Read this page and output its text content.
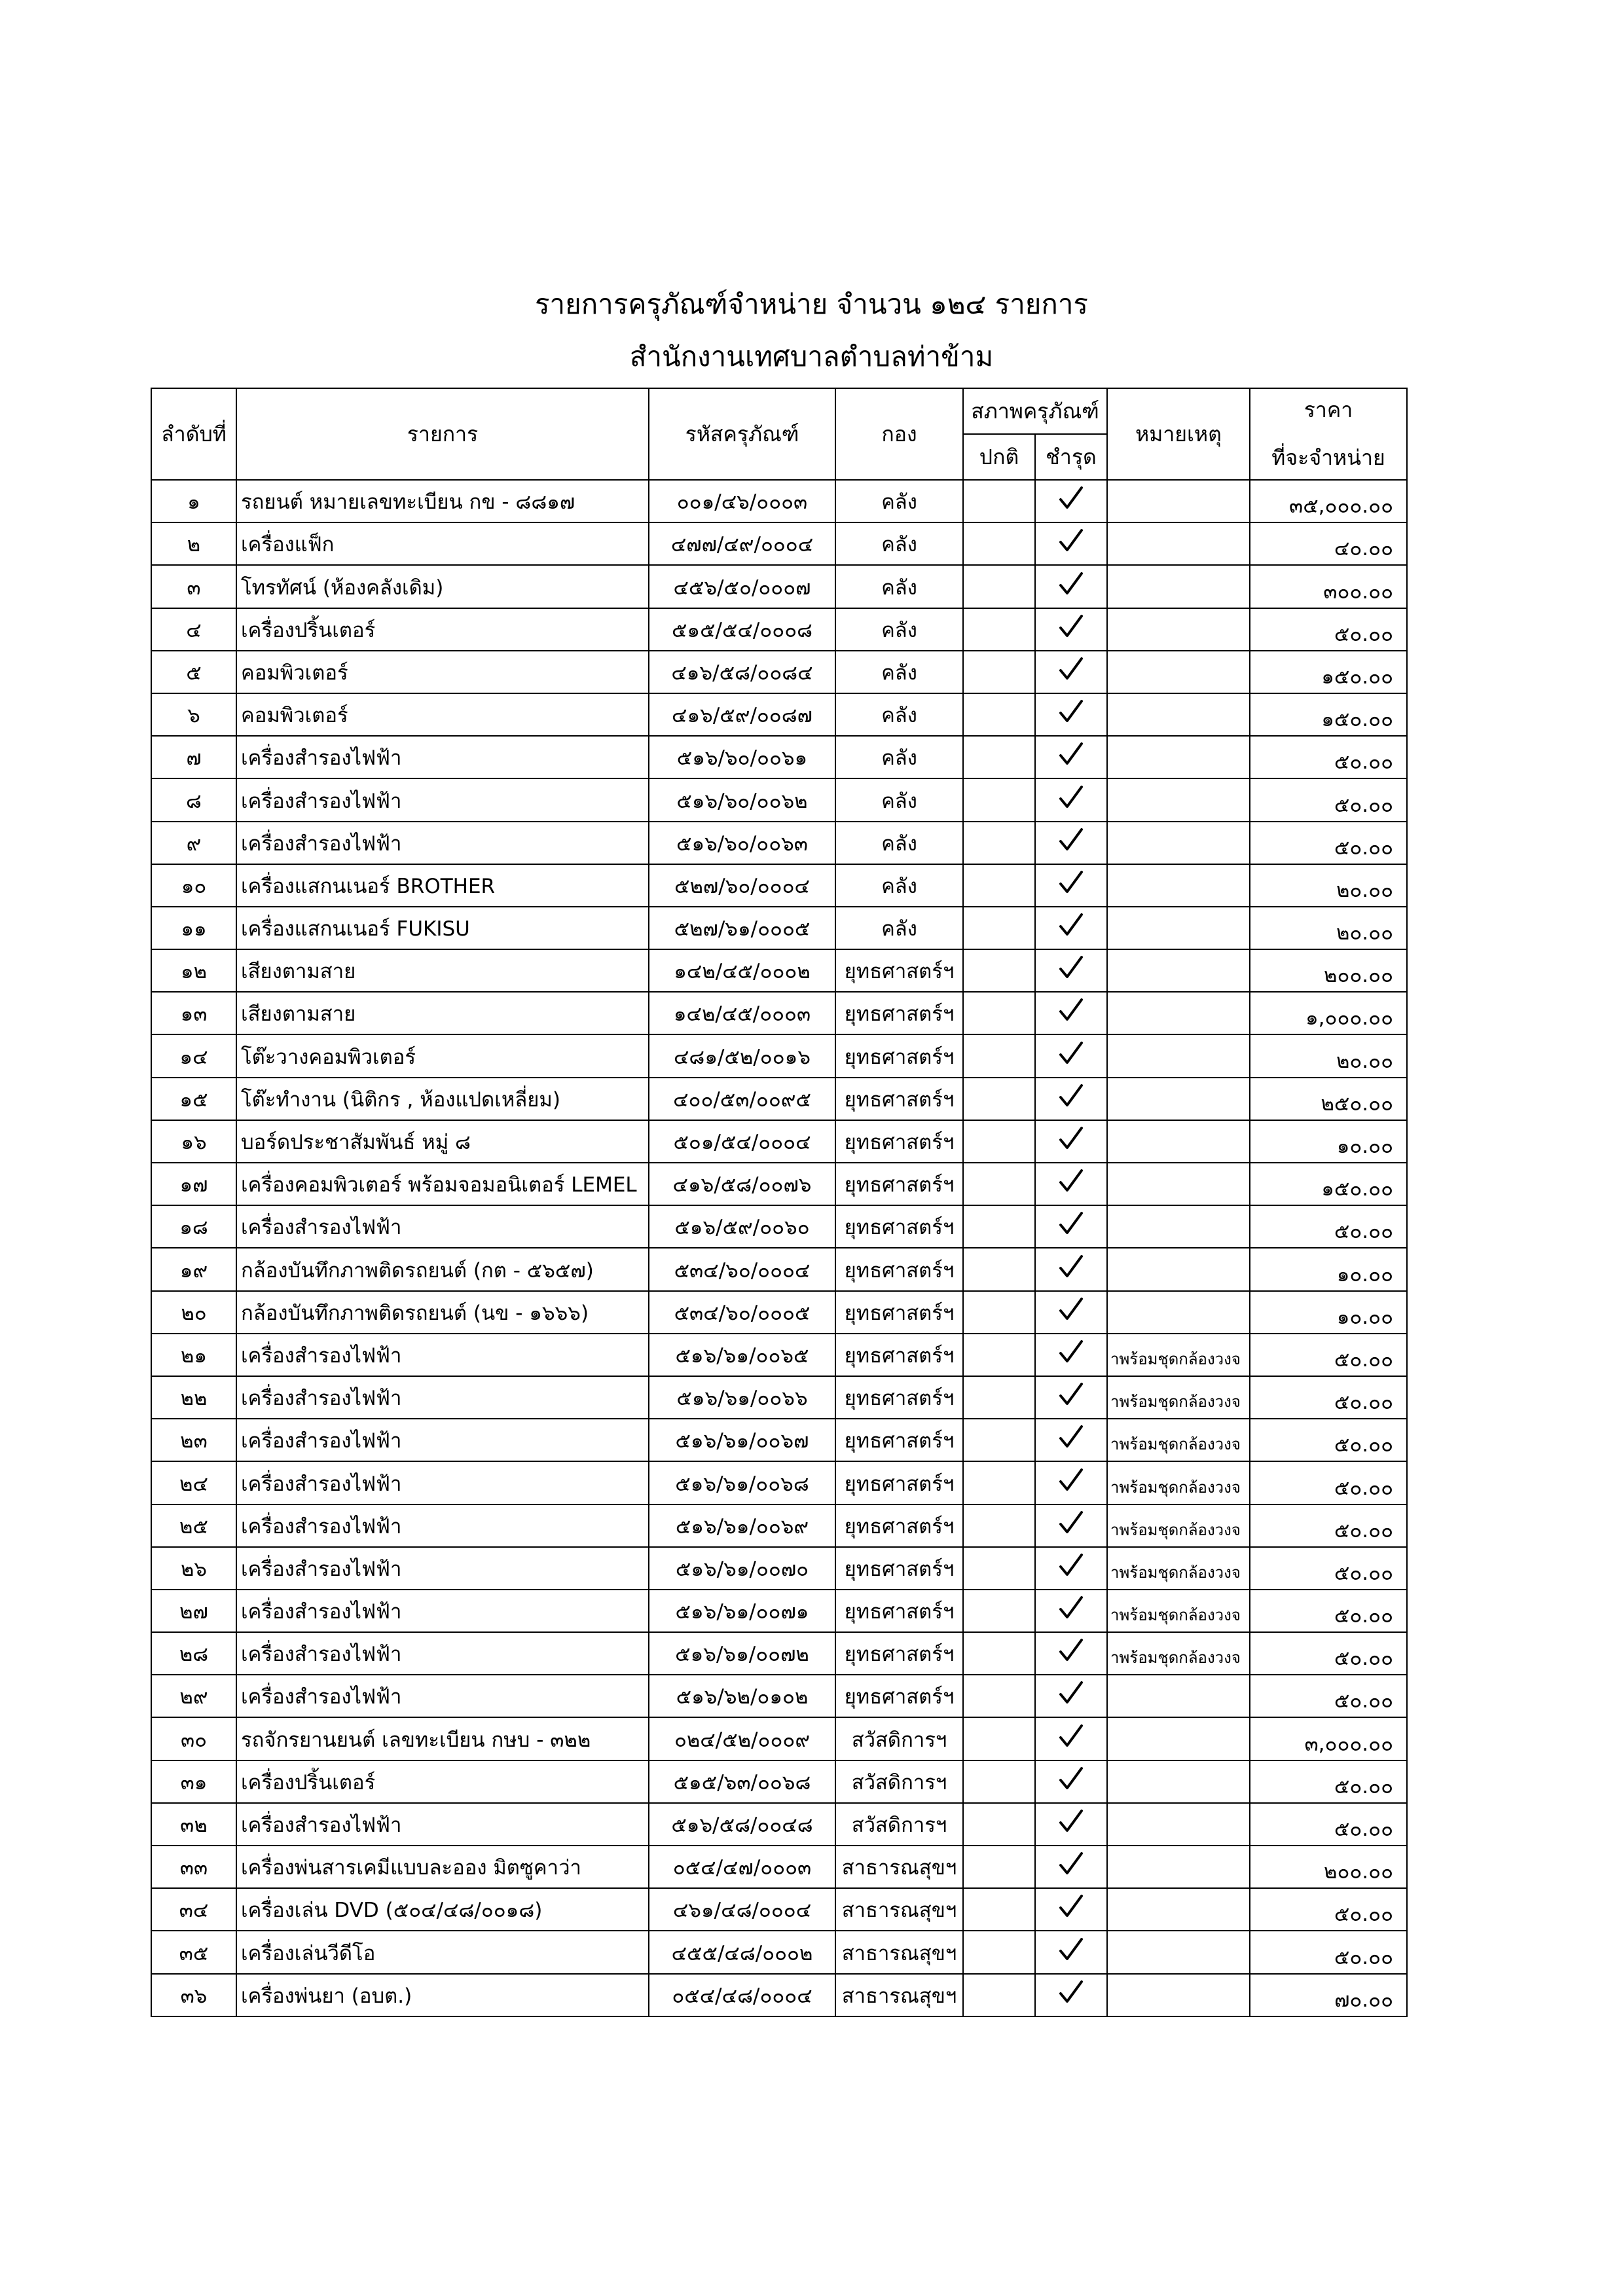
รายการครุภัณฑ์จำหน่าย จำนวน ๑๒๔ รายการ
สำนักงานเทศบาลตำบลท่าข้าม
ลำดับที่	รายการ	รหัสครุภัณฑ์	กอง	สภาพครุภัณฑ์		หมายเหตุ	ราคา
ที่จะจำหน่าย

				ปกติ	ชำรุด		
๑	รถยนต์ หมายเลขทะเบียน กข - ๘๘๑๗	๐๐๑/๔๖/๐๐๐๓	คลัง				๓๕,๐๐๐.๐๐
๒	เครื่องแฟ็ก	๔๗๗/๔๙/๐๐๐๔	คลัง				๔๐.๐๐
๓	โทรทัศน์ (ห้องคลังเดิม)	๔๕๖/๕๐/๐๐๐๗	คลัง				๓๐๐.๐๐
๔	เครื่องปริ้นเตอร์	๕๑๕/๕๔/๐๐๐๘	คลัง				๕๐.๐๐
๕	คอมพิวเตอร์	๔๑๖/๕๘/๐๐๘๔	คลัง				๑๕๐.๐๐
๖	คอมพิวเตอร์	๔๑๖/๕๙/๐๐๘๗	คลัง				๑๕๐.๐๐
๗	เครื่องสำรองไฟฟ้า	๕๑๖/๖๐/๐๐๖๑	คลัง				๕๐.๐๐
๘	เครื่องสำรองไฟฟ้า	๕๑๖/๖๐/๐๐๖๒	คลัง				๕๐.๐๐
๙	เครื่องสำรองไฟฟ้า	๕๑๖/๖๐/๐๐๖๓	คลัง				๕๐.๐๐
๑๐	เครื่องแสกนเนอร์ BROTHER	๕๒๗/๖๐/๐๐๐๔	คลัง				๒๐.๐๐
๑๑	เครื่องแสกนเนอร์ FUKISU	๕๒๗/๖๑/๐๐๐๕	คลัง				๒๐.๐๐
๑๒	เสียงตามสาย	๑๔๒/๔๕/๐๐๐๒	ยุทธศาสตร์ฯ				๒๐๐.๐๐
๑๓	เสียงตามสาย	๑๔๒/๔๕/๐๐๐๓	ยุทธศาสตร์ฯ				๑,๐๐๐.๐๐
๑๔	โต๊ะวางคอมพิวเตอร์	๔๘๑/๕๒/๐๐๑๖	ยุทธศาสตร์ฯ				๒๐.๐๐
๑๕	โต๊ะทำงาน (นิติกร , ห้องแปดเหลี่ยม)	๔๐๐/๕๓/๐๐๙๕	ยุทธศาสตร์ฯ				๒๕๐.๐๐
๑๖	บอร์ดประชาสัมพันธ์ หมู่ ๘	๕๐๑/๕๔/๐๐๐๔	ยุทธศาสตร์ฯ				๑๐.๐๐
๑๗	เครื่องคอมพิวเตอร์ พร้อมจอมอนิเตอร์ LEMEL	๔๑๖/๕๘/๐๐๗๖	ยุทธศาสตร์ฯ				๑๕๐.๐๐
๑๘	เครื่องสำรองไฟฟ้า	๕๑๖/๕๙/๐๐๖๐	ยุทธศาสตร์ฯ				๕๐.๐๐
๑๙	กล้องบันทึกภาพติดรถยนต์ (กต - ๕๖๕๗)	๕๓๔/๖๐/๐๐๐๔	ยุทธศาสตร์ฯ				๑๐.๐๐
๒๐	กล้องบันทึกภาพติดรถยนต์ (นข - ๑๖๖๖)	๕๓๔/๖๐/๐๐๐๕	ยุทธศาสตร์ฯ				๑๐.๐๐
๒๑	เครื่องสำรองไฟฟ้า	๕๑๖/๖๑/๐๐๖๕	ยุทธศาสตร์ฯ			าพร้อมชุดกล้องวงจ	๕๐.๐๐
๒๒	เครื่องสำรองไฟฟ้า	๕๑๖/๖๑/๐๐๖๖	ยุทธศาสตร์ฯ			าพร้อมชุดกล้องวงจ	๕๐.๐๐
๒๓	เครื่องสำรองไฟฟ้า	๕๑๖/๖๑/๐๐๖๗	ยุทธศาสตร์ฯ			าพร้อมชุดกล้องวงจ	๕๐.๐๐
๒๔	เครื่องสำรองไฟฟ้า	๕๑๖/๖๑/๐๐๖๘	ยุทธศาสตร์ฯ			าพร้อมชุดกล้องวงจ	๕๐.๐๐
๒๕	เครื่องสำรองไฟฟ้า	๕๑๖/๖๑/๐๐๖๙	ยุทธศาสตร์ฯ			าพร้อมชุดกล้องวงจ	๕๐.๐๐
๒๖	เครื่องสำรองไฟฟ้า	๕๑๖/๖๑/๐๐๗๐	ยุทธศาสตร์ฯ			าพร้อมชุดกล้องวงจ	๕๐.๐๐
๒๗	เครื่องสำรองไฟฟ้า	๕๑๖/๖๑/๐๐๗๑	ยุทธศาสตร์ฯ			าพร้อมชุดกล้องวงจ	๕๐.๐๐
๒๘	เครื่องสำรองไฟฟ้า	๕๑๖/๖๑/๐๐๗๒	ยุทธศาสตร์ฯ			าพร้อมชุดกล้องวงจ	๕๐.๐๐
๒๙	เครื่องสำรองไฟฟ้า	๕๑๖/๖๒/๐๑๐๒	ยุทธศาสตร์ฯ				๕๐.๐๐
๓๐	รถจักรยานยนต์ เลขทะเบียน กษบ - ๓๒๒	๐๒๔/๕๒/๐๐๐๙	สวัสดิการฯ				๓,๐๐๐.๐๐
๓๑	เครื่องปริ้นเตอร์	๕๑๕/๖๓/๐๐๖๘	สวัสดิการฯ				๕๐.๐๐
๓๒	เครื่องสำรองไฟฟ้า	๕๑๖/๕๘/๐๐๔๘	สวัสดิการฯ				๕๐.๐๐
๓๓	เครื่องพ่นสารเคมีแบบละออง มิตซูคาว่า	๐๕๔/๔๗/๐๐๐๓	สาธารณสุขฯ				๒๐๐.๐๐
๓๔	เครื่องเล่น DVD (๕๐๔/๔๘/๐๐๑๘)	๔๖๑/๔๘/๐๐๐๔	สาธารณสุขฯ				๕๐.๐๐
๓๕	เครื่องเล่นวีดีโอ	๔๕๕/๔๘/๐๐๐๒	สาธารณสุขฯ				๕๐.๐๐
๓๖	เครื่องพ่นยา (อบต.)	๐๕๔/๔๘/๐๐๐๔	สาธารณสุขฯ				๗๐.๐๐
